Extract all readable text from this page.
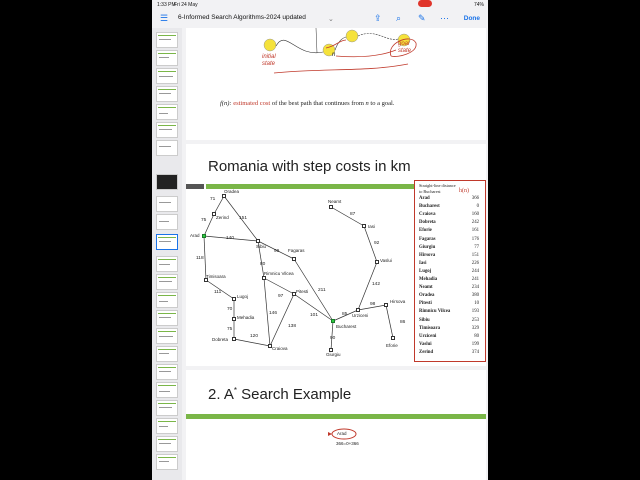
1:33 PM
Fri 24 May	74%
☰ 6-Informed Search Algorithms-2024 updated	⌄	⇪ ⌕ ✎ ⋯ Done
initial
state
n
goal
state
f(n): estimated cost of the best path that continues from n to a goal.
Romania with step costs in km
Oradea
Zerind
Arad
Sibiu
Fagaras
Timisoara
Rimnicu Vilcea
Lugoj
Pitesti
Mehadia
Dobreta
Craiova
Bucharest
Giurgiu
Urziceni
Neamt
Iasi
Vaslui
Hirsova
Eforie
71
151
75
140
118
99
80
211
111
97
146
70
101
138
75
120	90
85
98
86
142
92
87
Straight-line distance
to Bucharest	h(n)
Arad	366
Bucharest	0
Craiova	160
Dobreta	242
Eforie	161
Fagaras	176
Giurgiu	77
Hirsova	151
Iasi	226
Lugoj	244
Mehadia	241
Neamt	234
Oradea	380
Pitesti	10
Rimnicu Vilcea	193
Sibiu	253
Timisoara	329
Urziceni	80
Vaslui	199
Zerind	374
2. A* Search Example
Arad
366=0+366
